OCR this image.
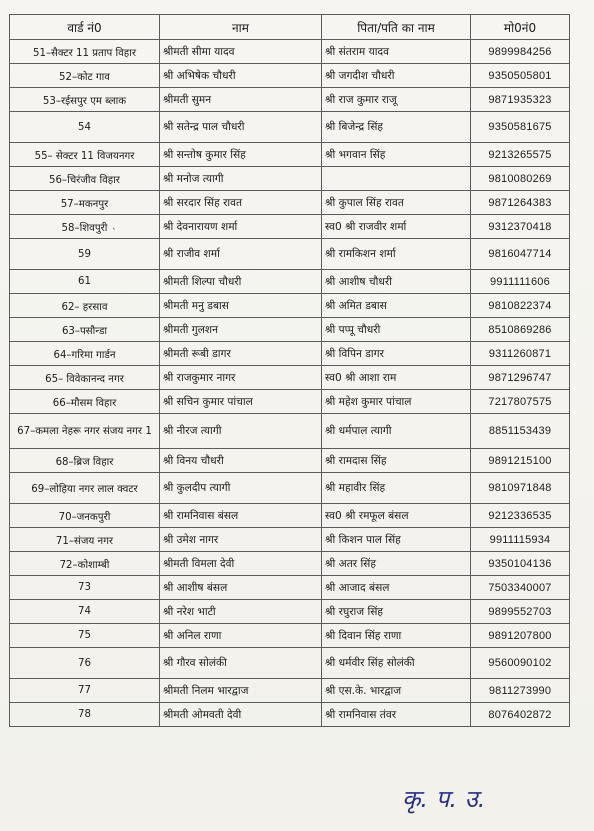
वार्ड नं0	नाम	पिता/पति का नाम	मो0नं0
51–सैक्टर 11 प्रताप विहार	श्रीमती सीमा यादव	श्री संतराम यादव	9899984256
52–कोट गाव	श्री अभिषेक चौधरी	श्री जगदीश चौधरी	9350505801
53–रईसपुर एम ब्लाक	श्रीमती सुमन	श्री राज कुमार राजू	9871935323
54	श्री सतेन्द्र पाल चौधरी	श्री बिजेन्द्र सिंह	9350581675
55– सेक्टर 11 विजयनगर	श्री सन्तोष कुमार सिंह	श्री भगवान सिंह	9213265575
56–चिरंजीव विहार	श्री मनोज त्यागी		9810080269
57–मकनपुर	श्री सरदार सिंह रावत	श्री कुपाल सिंह रावत	9871264383
58–शिवपुरी	श्री देवनारायण शर्मा	स्व0 श्री राजवीर शर्मा	9312370418
59	श्री राजीव शर्मा	श्री रामकिशन शर्मा	9816047714
61	श्रीमती शिल्पा चौधरी	श्री आशीष चौधरी	9911111606
62– हरसाव	श्रीमती मनु डबास	श्री अमित डबास	9810822374
63–पसौन्डा	श्रीमती गुलशन	श्री पप्पू चौधरी	8510869286
64–गरिमा गार्डन	श्रीमती रूबी डागर	श्री विपिन डागर	9311260871
65– विवेकानन्द नगर	श्री राजकुमार नागर	स्व0 श्री आशा राम	9871296747
66–मौसम विहार	श्री सचिन कुमार पांचाल	श्री महेश कुमार पांचाल	7217807575
67–कमला नेहरू नगर संजय नगर 1	श्री नीरज त्यागी	श्री धर्मपाल त्यागी	8851153439
68–ब्रिज विहार	श्री विनय चौधरी	श्री रामदास सिंह	9891215100
69–लोहिया नगर लाल क्वटर	श्री कुलदीप त्यागी	श्री महावीर सिंह	9810971848
70–जनकपुरी	श्री रामनिवास बंसल	स्व0 श्री रमफूल बंसल	9212336535
71–संजय नगर	श्री उमेश नागर	श्री किशन पाल सिंह	9911115934
72–कोशाम्बी	श्रीमती विमला देवी	श्री अतर सिंह	9350104136
73	श्री आशीष बंसल	श्री आजाद बंसल	7503340007
74	श्री नरेश भाटी	श्री रघुराज सिंह	9899552703
75	श्री अनिल राणा	श्री दिवान सिंह राणा	9891207800
76	श्री गौरव सोलंकी	श्री धर्मवीर सिंह सोलंकी	9560090102
77	श्रीमती निलम भारद्वाज	श्री एस.के. भारद्वाज	9811273990
78	श्रीमती ओमवती देवी	श्री रामनिवास तंवर	8076402872
ˋ
कृ. प. उ.
